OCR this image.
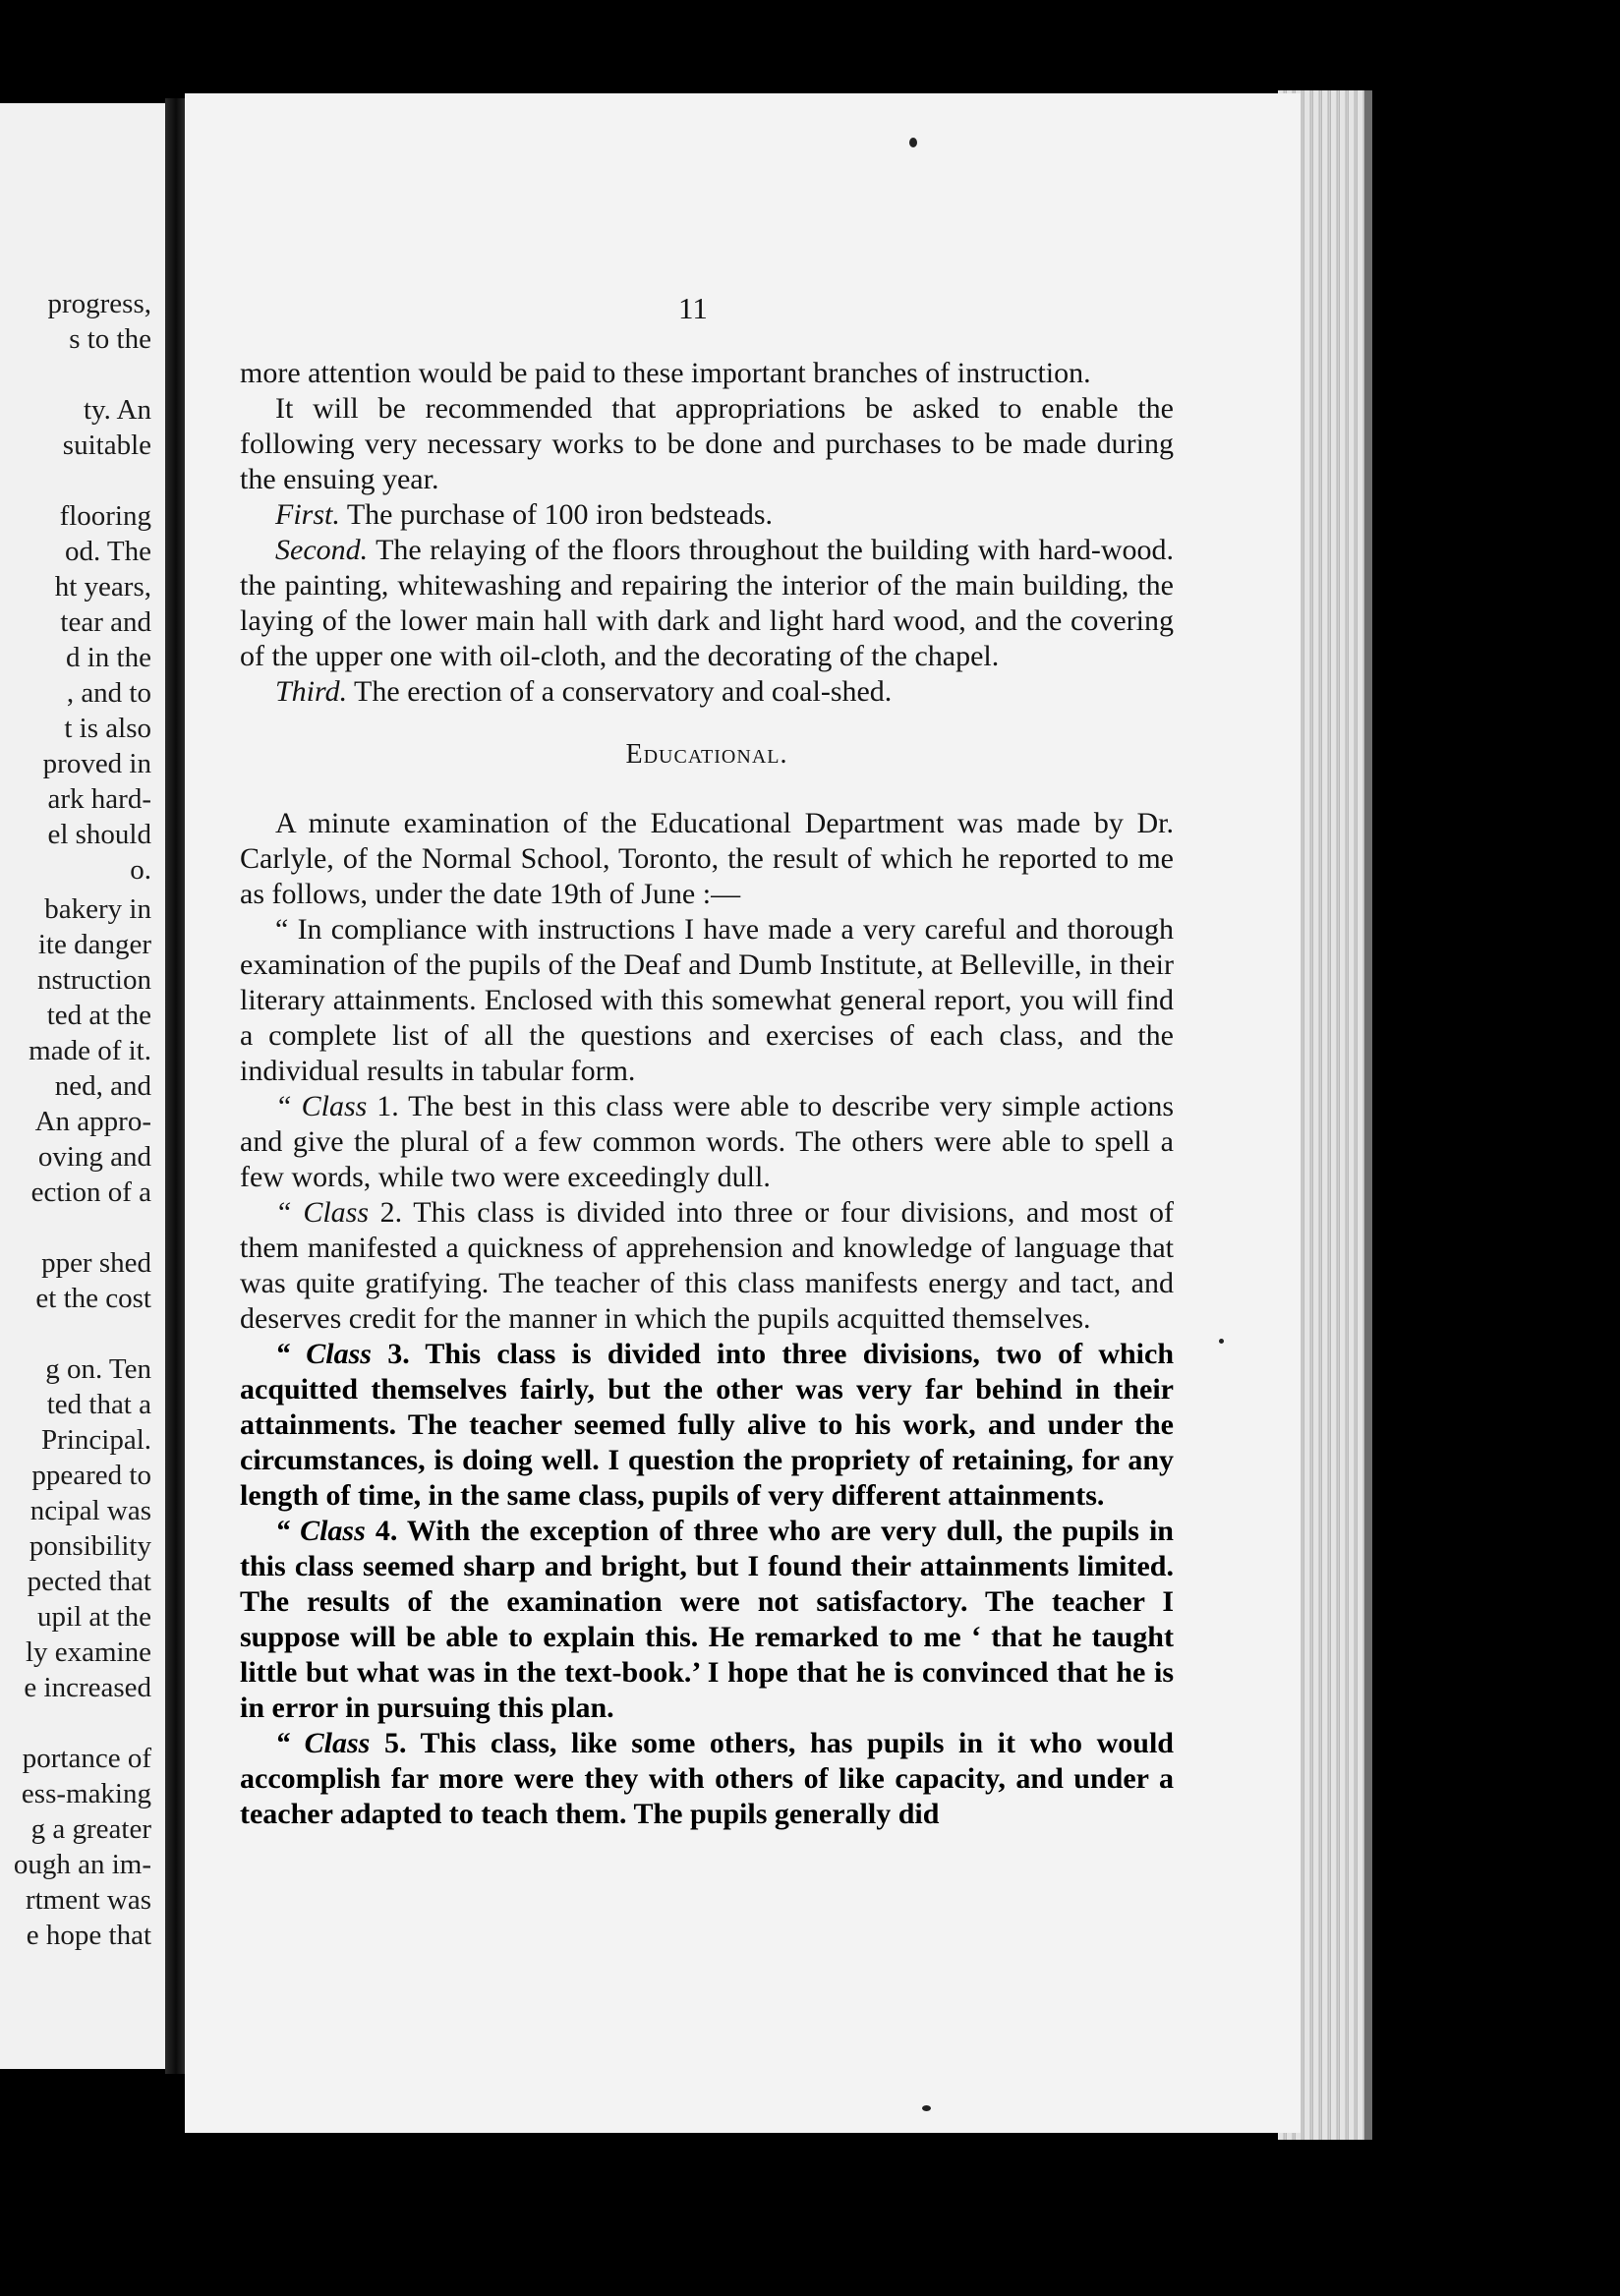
progress,
s to the
ty. An
suitable
flooring
od. The
ht years,
tear and
d in the
, and to
t is also
proved in
ark hard-
el should
o.
bakery in
ite danger
nstruction
ted at the
made of it.
ned, and
An appro-
oving and
ection of a
pper shed
et the cost
g on. Ten
ted that a
Principal.
ppeared to
ncipal was
ponsibility
pected that
upil at the
ly examine
e increased
portance of
ess-making
g a greater
ough an im-
rtment was
e hope that
11

more attention would be paid to these important branches of instruction.

It will be recommended that appropriations be asked to enable the following very necessary works to be done and purchases to be made during the ensuing year.

First. The purchase of 100 iron bedsteads.

Second. The relaying of the floors throughout the building with hard-wood. the painting, whitewashing and repairing the interior of the main building, the laying of the lower main hall with dark and light hard wood, and the covering of the upper one with oil-cloth, and the decorating of the chapel.

Third. The erection of a conservatory and coal-shed.

Educational.

A minute examination of the Educational Department was made by Dr. Carlyle, of the Normal School, Toronto, the result of which he reported to me as follows, under the date 19th of June :—

“ In compliance with instructions I have made a very careful and thorough examination of the pupils of the Deaf and Dumb Institute, at Belleville, in their literary attainments. Enclosed with this somewhat general report, you will find a complete list of all the questions and exercises of each class, and the individual results in tabular form.

“ Class 1. The best in this class were able to describe very simple actions and give the plural of a few common words. The others were able to spell a few words, while two were exceedingly dull.

“ Class 2. This class is divided into three or four divisions, and most of them manifested a quickness of apprehension and knowledge of language that was quite gratifying. The teacher of this class manifests energy and tact, and deserves credit for the manner in which the pupils acquitted themselves.

“ Class 3. This class is divided into three divisions, two of which acquitted themselves fairly, but the other was very far behind in their attainments. The teacher seemed fully alive to his work, and under the circumstances, is doing well. I question the propriety of retaining, for any length of time, in the same class, pupils of very different attainments.

“ Class 4. With the exception of three who are very dull, the pupils in this class seemed sharp and bright, but I found their attainments limited. The results of the examination were not satisfactory. The teacher I suppose will be able to explain this. He remarked to me ‘ that he taught little but what was in the text-book.’ I hope that he is convinced that he is in error in pursuing this plan.

“ Class 5. This class, like some others, has pupils in it who would accomplish far more were they with others of like capacity, and under a teacher adapted to teach them. The pupils generally did
